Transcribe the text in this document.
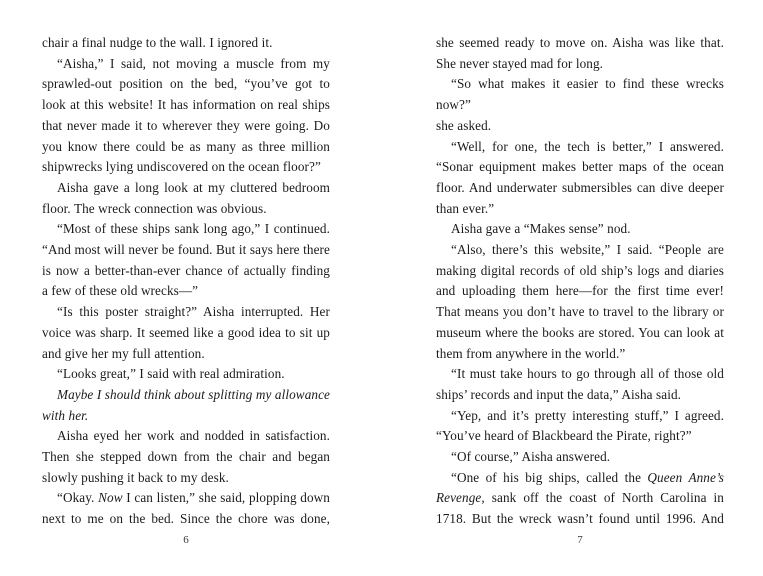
chair a final nudge to the wall. I ignored it.
“Aisha,” I said, not moving a muscle from my
sprawled-out position on the bed, “you’ve got to
look at this website! It has information on real ships
that never made it to wherever they were going. Do
you know there could be as many as three million
shipwrecks lying undiscovered on the ocean floor?”
Aisha gave a long look at my cluttered bedroom
floor. The wreck connection was obvious.
“Most of these ships sank long ago,” I continued.
“And most will never be found. But it says here there
is now a better-than-ever chance of actually finding
a few of these old wrecks—”
“Is this poster straight?” Aisha interrupted. Her
voice was sharp. It seemed like a good idea to sit up
and give her my full attention.
“Looks great,” I said with real admiration.
Maybe I should think about splitting my allowance with her.
Aisha eyed her work and nodded in satisfaction.
Then she stepped down from the chair and began
slowly pushing it back to my desk.
“Okay. Now I can listen,” she said, plopping down
next to me on the bed. Since the chore was done,
she seemed ready to move on. Aisha was like that.
She never stayed mad for long.
“So what makes it easier to find these wrecks now?”
she asked.
“Well, for one, the tech is better,” I answered.
“Sonar equipment makes better maps of the ocean
floor. And underwater submersibles can dive deeper
than ever.”
Aisha gave a “Makes sense” nod.
“Also, there’s this website,” I said. “People are
making digital records of old ship’s logs and diaries
and uploading them here—for the first time ever!
That means you don’t have to travel to the library or
museum where the books are stored. You can look at
them from anywhere in the world.”
“It must take hours to go through all of those old
ships’ records and input the data,” Aisha said.
“Yep, and it’s pretty interesting stuff,” I agreed.
“You’ve heard of Blackbeard the Pirate, right?”
“Of course,” Aisha answered.
“One of his big ships, called the Queen Anne’s
Revenge, sank off the coast of North Carolina in
1718. But the wreck wasn’t found until 1996. And
6	7
